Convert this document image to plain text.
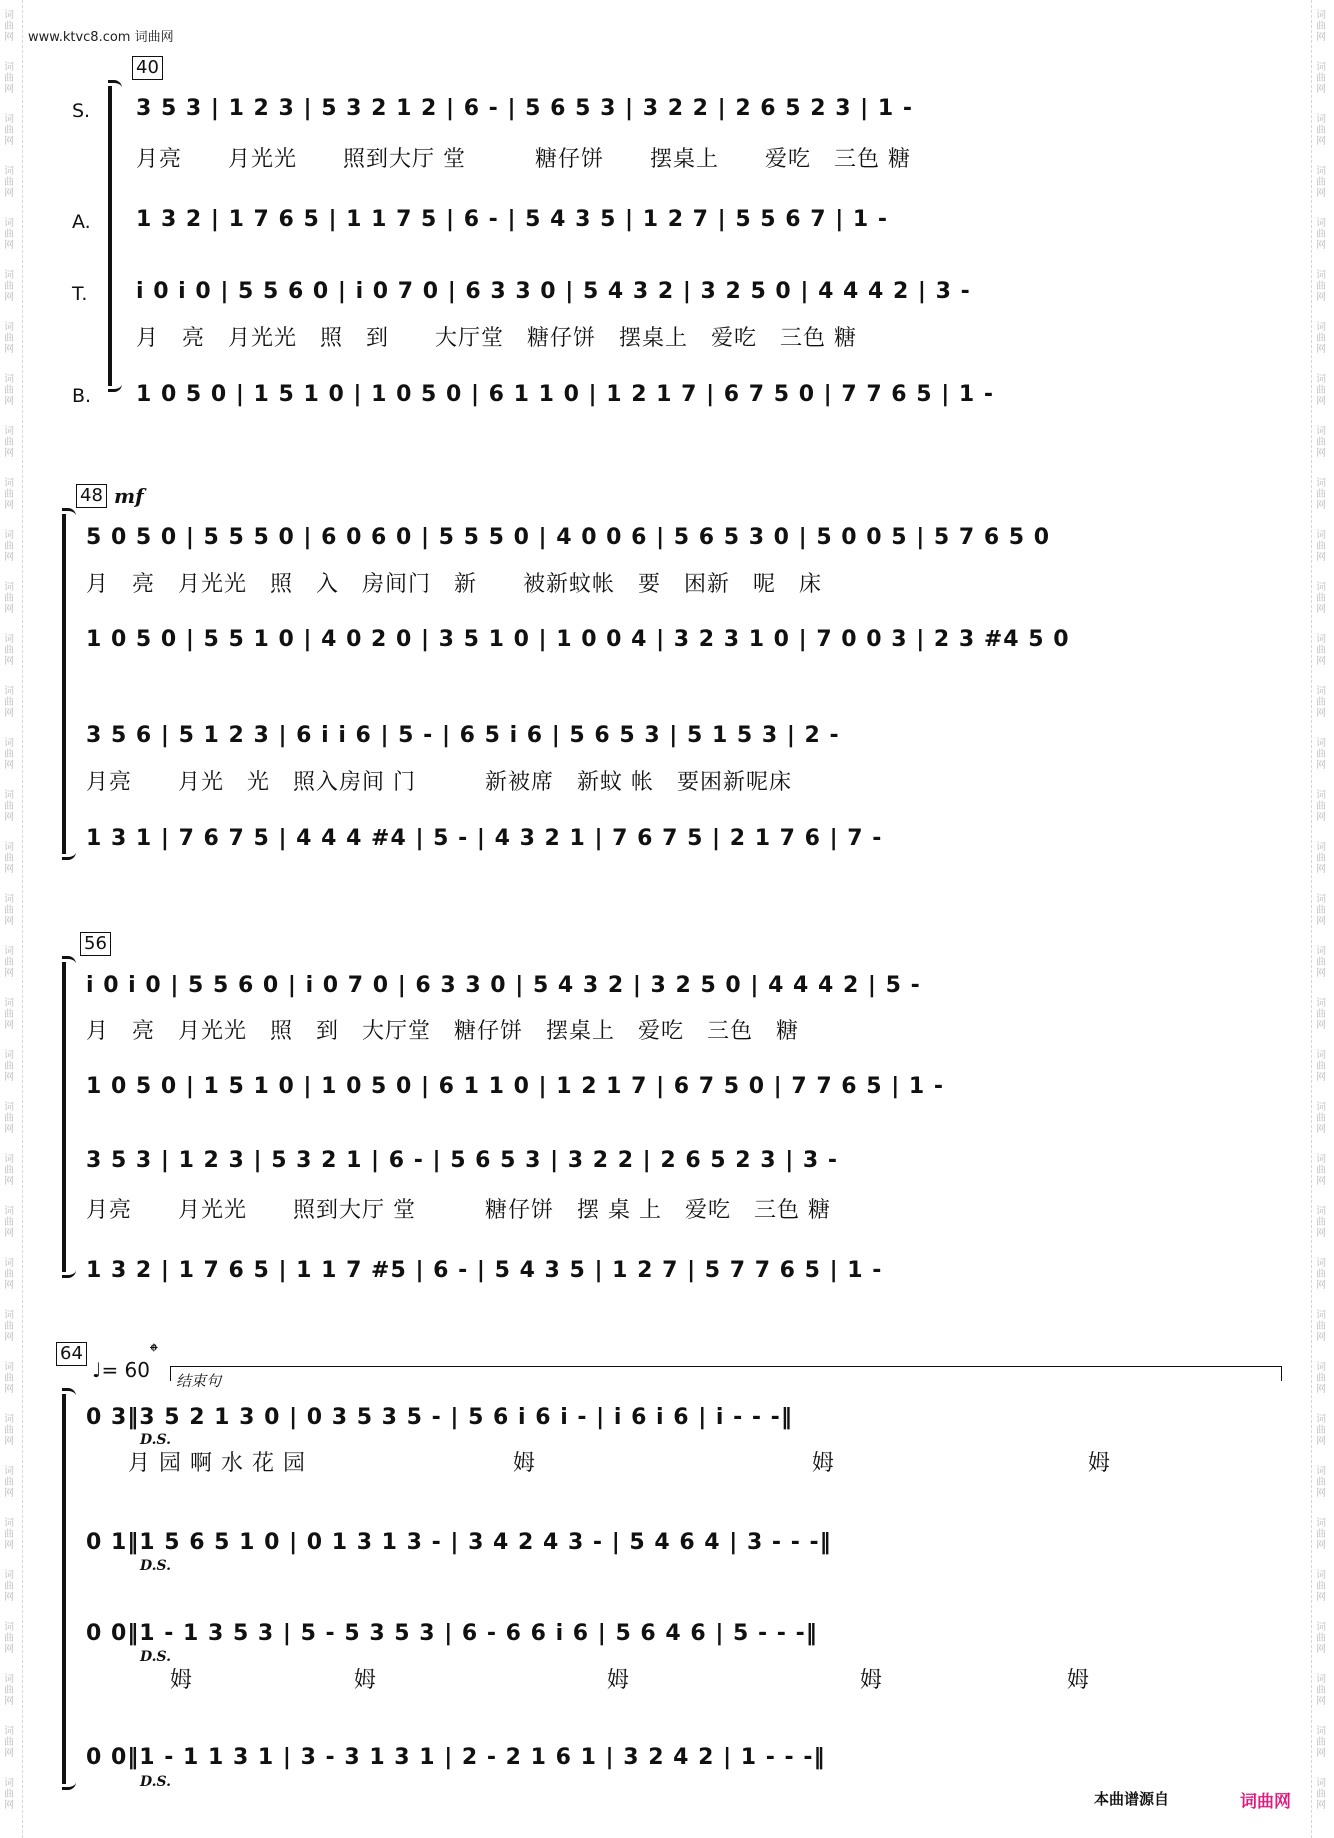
词
曲
网
词
曲
网
词
曲
网
词
曲
网
词
曲
网
词
曲
网
词
曲
网
词
曲
网
词
曲
网
词
曲
网
词
曲
网
词
曲
网
词
曲
网
词
曲
网
词
曲
网
词
曲
网
词
曲
网
词
曲
网
词
曲
网
词
曲
网
词
曲
网
词
曲
网
词
曲
网
词
曲
网
词
曲
网
词
曲
网
词
曲
网
词
曲
网
词
曲
网
词
曲
网
词
曲
网
词
曲
网
词
曲
网
词
曲
网
词
曲
网
词
曲
网
词
曲
网
词
曲
网
词
曲
网
词
曲
网
词
曲
网
词
曲
网
词
曲
网
词
曲
网
词
曲
网
词
曲
网
词
曲
网
词
曲
网
词
曲
网
词
曲
网
词
曲
网
词
曲
网
词
曲
网
词
曲
网
词
曲
网
词
曲
网
词
曲
网
词
曲
网
词
曲
网
词
曲
网
词
曲
网
词
曲
网
词
曲
网
词
曲
网
词
曲
网
词
曲
网
词
曲
网
词
曲
网
词
曲
网
词
曲
网
www.ktvc8.com 词曲网
40
S.
A.
T.
B.
3 5 3 | 1 2 3 | 5 3 2 1 2 | 6 - | 5 6 5 3 | 3 2 2 | 2 6 5 2 3 | 1 -
月亮　　月光光　　照到大厅 堂　　　糖仔饼　　摆桌上　　爱吃　三色 糖
1 3 2 | 1 7 6 5 | 1 1 7 5 | 6 - | 5 4 3 5 | 1 2 7 | 5 5 6 7 | 1 -
i 0 i 0 | 5 5 6 0 | i 0 7 0 | 6 3 3 0 | 5 4 3 2 | 3 2 5 0 | 4 4 4 2 | 3 -
月　亮　月光光　照　到　　大厅堂　糖仔饼　摆桌上　爱吃　三色 糖
1 0 5 0 | 1 5 1 0 | 1 0 5 0 | 6 1 1 0 | 1 2 1 7 | 6 7 5 0 | 7 7 6 5 | 1 -
48 mf
5 0 5 0 | 5 5 5 0 | 6 0 6 0 | 5 5 5 0 | 4 0 0 6 | 5 6 5 3 0 | 5 0 0 5 | 5 7 6 5 0
月　亮　月光光　照　入　房间门　新　　被新蚊帐　要　困新　呢　床
1 0 5 0 | 5 5 1 0 | 4 0 2 0 | 3 5 1 0 | 1 0 0 4 | 3 2 3 1 0 | 7 0 0 3 | 2 3 #4 5 0
3 5 6 | 5 1 2 3 | 6 i i 6 | 5 - | 6 5 i 6 | 5 6 5 3 | 5 1 5 3 | 2 -
月亮　　月光　光　照入房间 门　　　新被席　新蚊 帐　要困新呢床
1 3 1 | 7 6 7 5 | 4 4 4 #4 | 5 - | 4 3 2 1 | 7 6 7 5 | 2 1 7 6 | 7 -
56
i 0 i 0 | 5 5 6 0 | i 0 7 0 | 6 3 3 0 | 5 4 3 2 | 3 2 5 0 | 4 4 4 2 | 5 -
月　亮　月光光　照　到　大厅堂　糖仔饼　摆桌上　爱吃　三色　糖
1 0 5 0 | 1 5 1 0 | 1 0 5 0 | 6 1 1 0 | 1 2 1 7 | 6 7 5 0 | 7 7 6 5 | 1 -
3 5 3 | 1 2 3 | 5 3 2 1 | 6 - | 5 6 5 3 | 3 2 2 | 2 6 5 2 3 | 3 -
月亮　　月光光　　照到大厅 堂　　　糖仔饼　摆 桌 上　爱吃　三色 糖
1 3 2 | 1 7 6 5 | 1 1 7 #5 | 6 - | 5 4 3 5 | 1 2 7 | 5 7 7 6 5 | 1 -
64
♩= 60
𝄌
结束句
0 3‖3 5 2 1 3 0 | 0 3 5 3 5 - | 5 6 i 6 i - | i 6 i 6 | i - - -‖
D.S.
月 园 啊 水 花 园　　　　　　　　　姆　　　　　　　　　　　　姆　　　　　　　　　　　姆
0 1‖1 5 6 5 1 0 | 0 1 3 1 3 - | 3 4 2 4 3 - | 5 4 6 4 | 3 - - -‖
D.S.
0 0‖1 - 1 3 5 3 | 5 - 5 3 5 3 | 6 - 6 6 i 6 | 5 6 4 6 | 5 - - -‖
D.S.
姆　　　　　　　姆　　　　　　　　　　姆　　　　　　　　　　姆　　　　　　　　姆
0 0‖1 - 1 1 3 1 | 3 - 3 1 3 1 | 2 - 2 1 6 1 | 3 2 4 2 | 1 - - -‖
D.S.
本曲谱源自	词曲网
